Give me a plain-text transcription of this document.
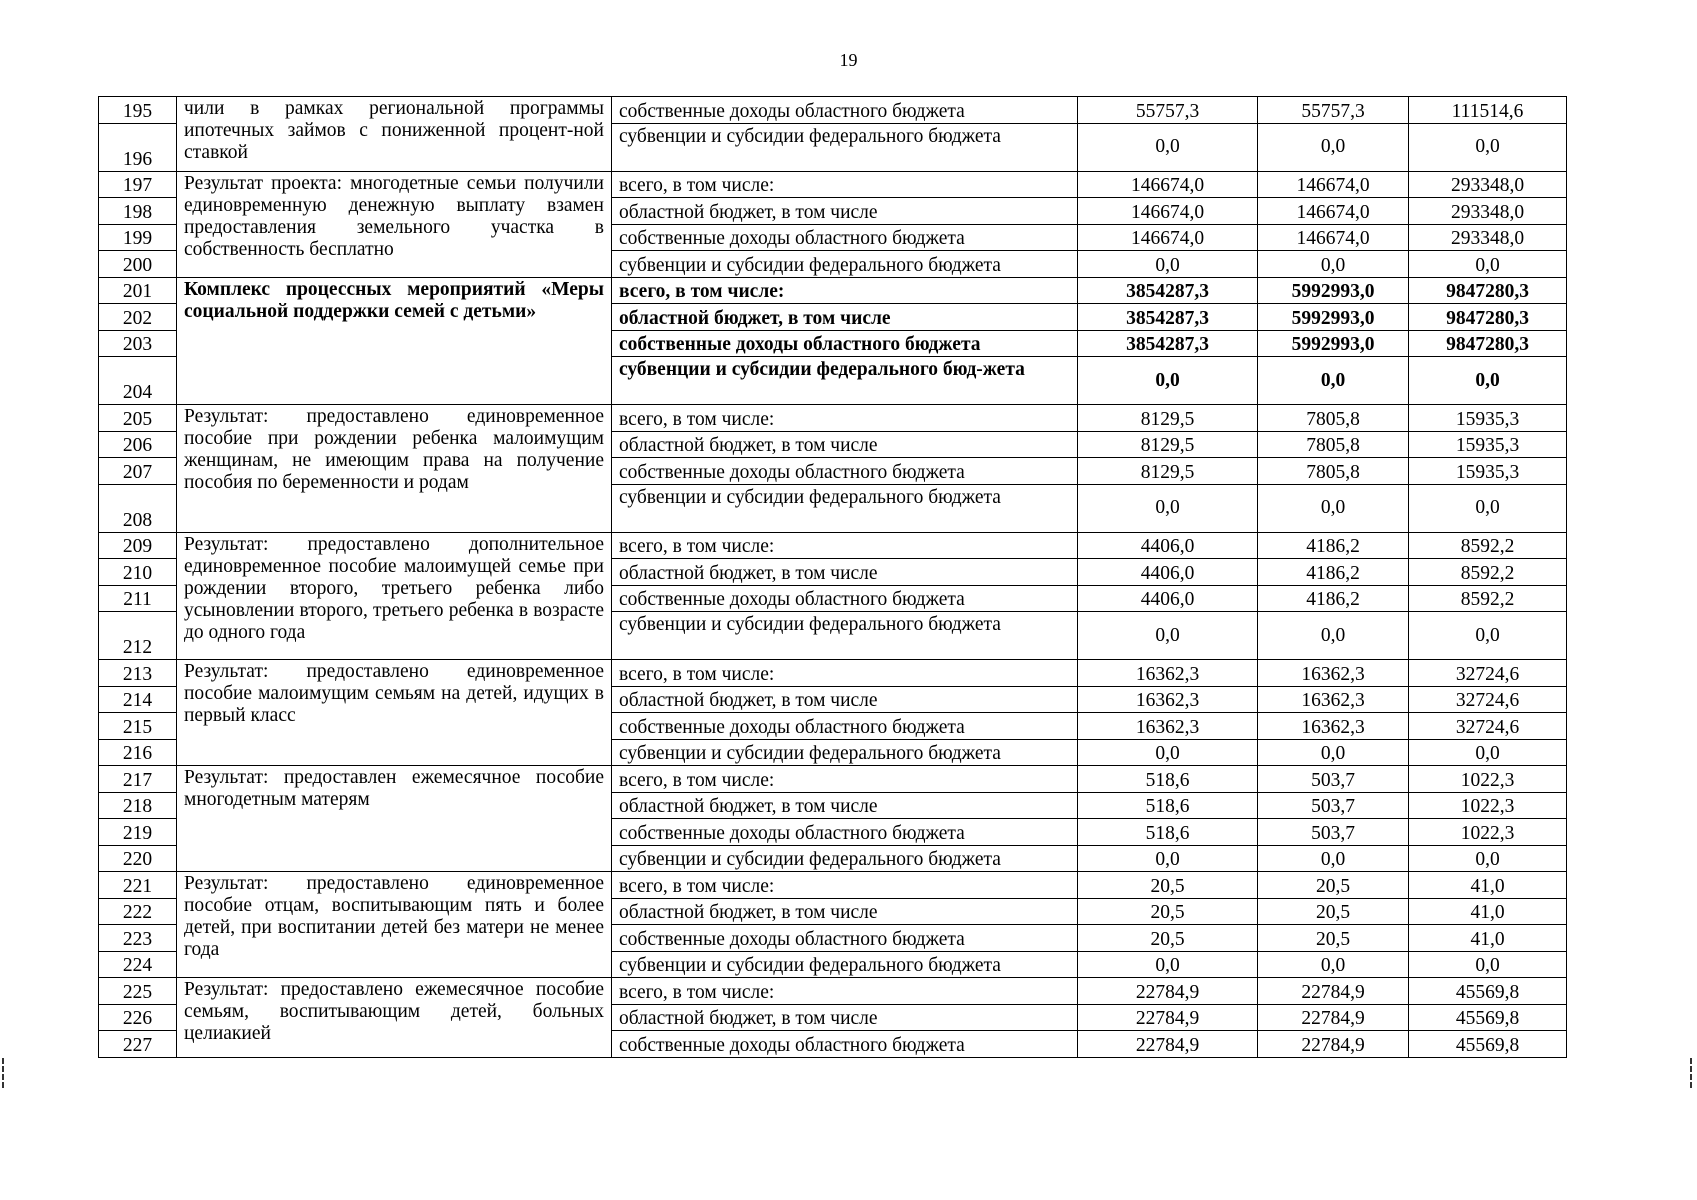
19
195	чили в рамках региональной программы ипотечных займов с пониженной процент-ной ставкой	собственные доходы областного бюджета	55757,3	55757,3	111514,6
196		субвенции и субсидии федерального бюджета	0,0	0,0	0,0
197	Результат проекта: многодетные семьи получили единовременную денежную выплату взамен предоставления земельного участка в собственность бесплатно	всего, в том числе:	146674,0	146674,0	293348,0
198		областной бюджет, в том числе	146674,0	146674,0	293348,0
199		собственные доходы областного бюджета	146674,0	146674,0	293348,0
200		субвенции и субсидии федерального бюджета	0,0	0,0	0,0
201	Комплекс процессных мероприятий «Меры социальной поддержки семей с детьми»	всего, в том числе:	3854287,3	5992993,0	9847280,3
202		областной бюджет, в том числе	3854287,3	5992993,0	9847280,3
203		собственные доходы областного бюджета	3854287,3	5992993,0	9847280,3
204		субвенции и субсидии федерального бюд-жета	0,0	0,0	0,0
205	Результат: предоставлено единовременное пособие при рождении ребенка малоимущим женщинам, не имеющим права на получение пособия по беременности и родам	всего, в том числе:	8129,5	7805,8	15935,3
206		областной бюджет, в том числе	8129,5	7805,8	15935,3
207		собственные доходы областного бюджета	8129,5	7805,8	15935,3
208		субвенции и субсидии федерального бюджета	0,0	0,0	0,0
209	Результат: предоставлено дополнительное единовременное пособие малоимущей семье при рождении второго, третьего ребенка либо усыновлении второго, третьего ребенка в возрасте до одного года	всего, в том числе:	4406,0	4186,2	8592,2
210		областной бюджет, в том числе	4406,0	4186,2	8592,2
211		собственные доходы областного бюджета	4406,0	4186,2	8592,2
212		субвенции и субсидии федерального бюджета	0,0	0,0	0,0
213	Результат: предоставлено единовременное пособие малоимущим семьям на детей, идущих в первый класс	всего, в том числе:	16362,3	16362,3	32724,6
214		областной бюджет, в том числе	16362,3	16362,3	32724,6
215		собственные доходы областного бюджета	16362,3	16362,3	32724,6
216		субвенции и субсидии федерального бюджета	0,0	0,0	0,0
217	Результат: предоставлен ежемесячное пособие многодетным матерям	всего, в том числе:	518,6	503,7	1022,3
218		областной бюджет, в том числе	518,6	503,7	1022,3
219		собственные доходы областного бюджета	518,6	503,7	1022,3
220		субвенции и субсидии федерального бюджета	0,0	0,0	0,0
221	Результат: предоставлено единовременное пособие отцам, воспитывающим пять и более детей, при воспитании детей без матери не менее года	всего, в том числе:	20,5	20,5	41,0
222		областной бюджет, в том числе	20,5	20,5	41,0
223		собственные доходы областного бюджета	20,5	20,5	41,0
224		субвенции и субсидии федерального бюджета	0,0	0,0	0,0
225	Результат: предоставлено ежемесячное пособие семьям, воспитывающим детей, больных целиакией	всего, в том числе:	22784,9	22784,9	45569,8
226		областной бюджет, в том числе	22784,9	22784,9	45569,8
227		собственные доходы областного бюджета	22784,9	22784,9	45569,8
